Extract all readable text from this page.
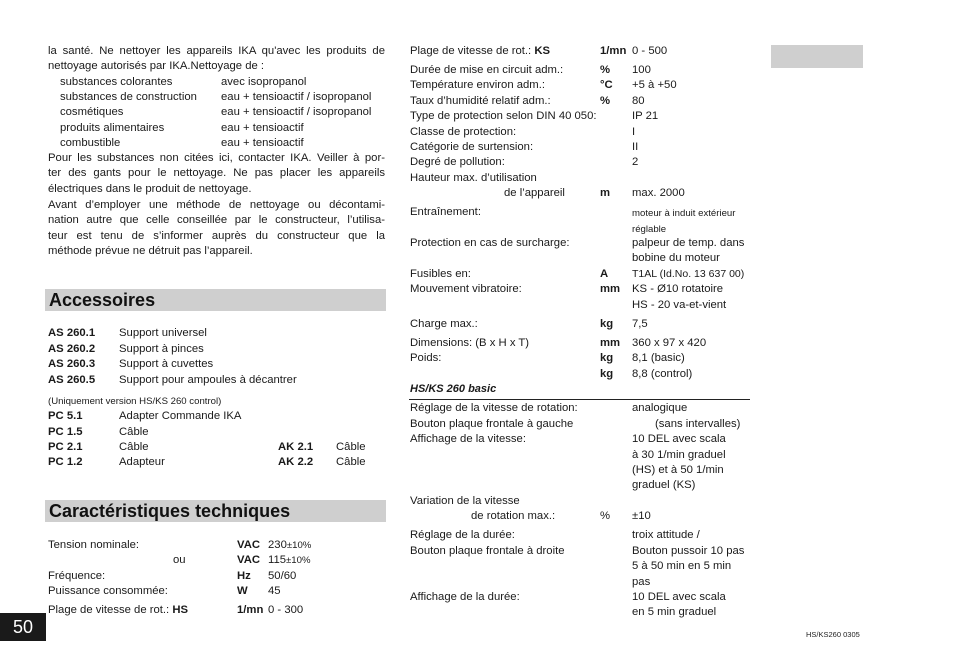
la santé. Ne nettoyer les appareils IKA qu'avec les produits de
nettoyage autorisés par IKA.Nettoyage de :
substances colorantes	avec isopropanol
substances de construction eau + tensioactif / isopropanol
cosmétiques	eau + tensioactif / isopropanol
produits alimentaires	eau + tensioactif
combustible	eau + tensioactif
Pour les substances non citées ici, contacter IKA. Veiller à por-
ter des gants pour le nettoyage. Ne pas placer les appareils
électriques dans le produit de nettoyage.
Avant d’employer une méthode de nettoyage ou décontami-
nation autre que celle conseillée par le constructeur, l’utilisa-
teur est tenu de s’informer auprès du constructeur que la
méthode prévue ne détruit pas l’appareil.
Accessoires
AS 260.1 Support universel
AS 260.2 Support à pinces
AS 260.3 Support à cuvettes
AS 260.5 Support pour ampoules à décantrer
(Uniquement version HS/KS 260 control)
PC 5.1	Adapter Commande IKA
PC 1.5	Câble
PC 2.1	Câble	AK 2.1 Câble
PC 1.2	Adapteur	AK 2.2 Câble
Caractéristiques techniques
Tension nominale:	VAC 230±10%
ou	VAC 115±10%
Fréquence:	Hz 50/60
Puissance consommée:	W 45
Plage de vitesse de rot.: HS	1/mn 0 - 300
50
Plage de vitesse de rot.: KS	1/mn 0 - 500
Durée de mise en circuit adm.:	% 100
Température environ adm.:	°C +5 à +50
Taux d’humidité relatif adm.:	% 80
Type de protection selon DIN 40 050:	IP 21
Classe de protection:	I
Catégorie de surtension:	II
Degré de pollution:	2
Hauteur max. d’utilisation
de l’appareil	m max. 2000
Entraînement:	moteur à induit extérieur
réglable
Protection en cas de surcharge:	palpeur de temp. dans
bobine du moteur
Fusibles en:	A T1AL (Id.No. 13 637 00)
Mouvement vibratoire:	mm KS - Ø10 rotatoire
HS - 20 va-et-vient
Charge max.:	kg 7,5
Dimensions: (B x H x T)	mm 360 x 97 x 420
Poids:	kg 8,1 (basic)
kg 8,8 (control)
HS/KS 260 basic
Réglage de la vitesse de rotation:	analogique
Bouton plaque frontale à gauche	(sans intervalles)
Affichage de la vitesse:	10 DEL avec scala
à 30 1/min graduel
(HS) et à 50 1/min
graduel (KS)
Variation de la vitesse
de rotation max.:	% ±10
Réglage de la durée:	troix attitude /
Bouton plaque frontale à droite	Bouton pussoir 10 pas
5 à 50 min en 5 min
pas
Affichage de la durée:	10 DEL avec scala
en 5 min graduel
HS/KS260 0305
